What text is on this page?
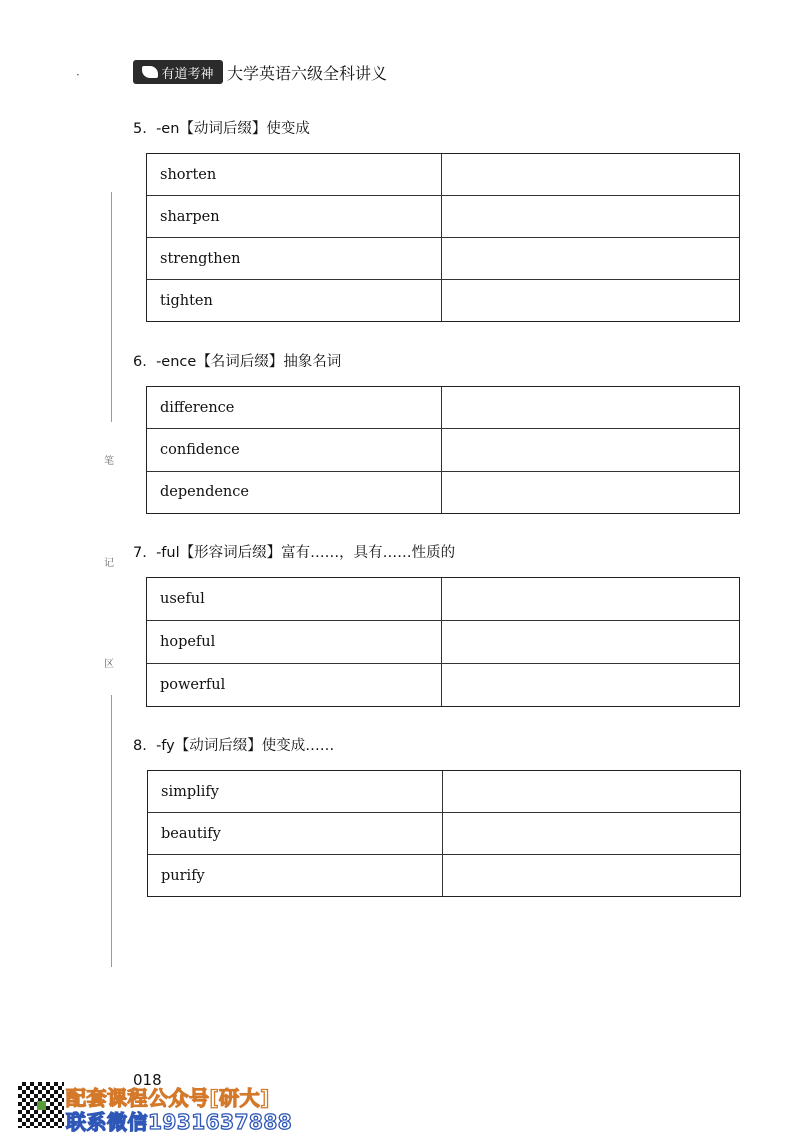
·	有道考神 大学英语六级全科讲义
笔
记
区
5. -en【动词后缀】使变成
shorten
sharpen
strengthen
tighten
6. -ence【名词后缀】抽象名词
difference
confidence
dependence
7. -ful【形容词后缀】富有……，具有……性质的
useful
hopeful
powerful
8. -fy【动词后缀】使变成……
simplify
beautify
purify
018
配套课程公众号[研大]
联系微信1931637888
